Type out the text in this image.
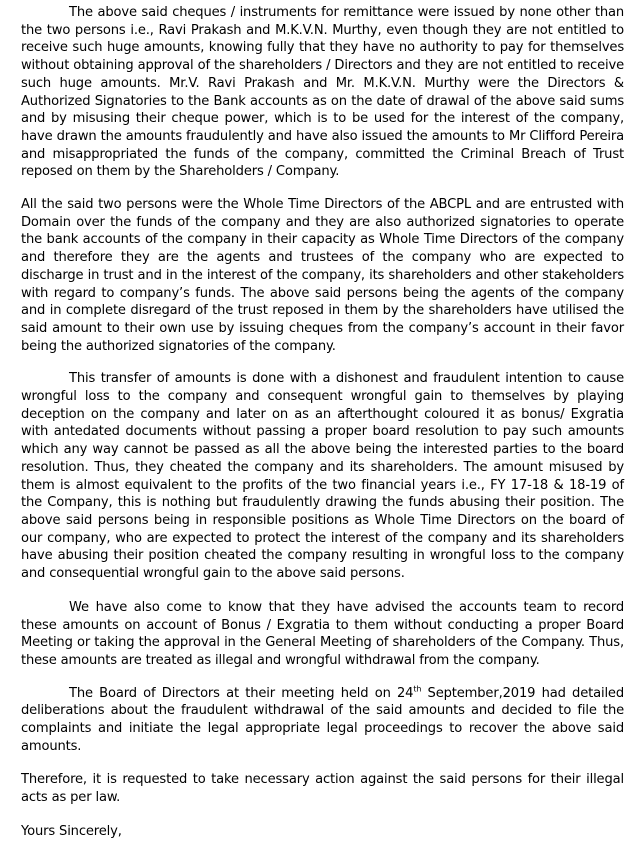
The above said cheques / instruments for remittance were issued by none other than the two persons i.e., Ravi Prakash and M.K.V.N. Murthy, even though they are not entitled to receive such huge amounts, knowing fully that they have no authority to pay for themselves without obtaining approval of the shareholders / Directors and they are not entitled to receive such huge amounts. Mr.V. Ravi Prakash and Mr. M.K.V.N. Murthy were the Directors & Authorized Signatories to the Bank accounts as on the date of drawal of the above said sums and by misusing their cheque power, which is to be used for the interest of the company, have drawn the amounts fraudulently and have also issued the amounts to Mr Clifford Pereira and misappropriated the funds of the company, committed the Criminal Breach of Trust reposed on them by the Shareholders / Company.

All the said two persons were the Whole Time Directors of the ABCPL and are entrusted with Domain over the funds of the company and they are also authorized signatories to operate the bank accounts of the company in their capacity as Whole Time Directors of the company and therefore they are the agents and trustees of the company who are expected to discharge in trust and in the interest of the company, its shareholders and other stakeholders with regard to company’s funds. The above said persons being the agents of the company and in complete disregard of the trust reposed in them by the shareholders have utilised the said amount to their own use by issuing cheques from the company’s account in their favor being the authorized signatories of the company.

This transfer of amounts is done with a dishonest and fraudulent intention to cause wrongful loss to the company and consequent wrongful gain to themselves by playing deception on the company and later on as an afterthought coloured it as bonus/ Exgratia with antedated documents without passing a proper board resolution to pay such amounts which any way cannot be passed as all the above being the interested parties to the board resolution. Thus, they cheated the company and its shareholders. The amount misused by them is almost equivalent to the profits of the two financial years i.e., FY 17-18 & 18-19 of the Company, this is nothing but fraudulently drawing the funds abusing their position. The above said persons being in responsible positions as Whole Time Directors on the board of our company, who are expected to protect the interest of the company and its shareholders have abusing their position cheated the company resulting in wrongful loss to the company and consequential wrongful gain to the above said persons.

We have also come to know that they have advised the accounts team to record these amounts on account of Bonus / Exgratia to them without conducting a proper Board Meeting or taking the approval in the General Meeting of shareholders of the Company. Thus, these amounts are treated as illegal and wrongful withdrawal from the company.

The Board of Directors at their meeting held on 24th September,2019 had detailed deliberations about the fraudulent withdrawal of the said amounts and decided to file the complaints and initiate the legal appropriate legal proceedings to recover the above said amounts.

Therefore, it is requested to take necessary action against the said persons for their illegal acts as per law.

Yours Sincerely,
